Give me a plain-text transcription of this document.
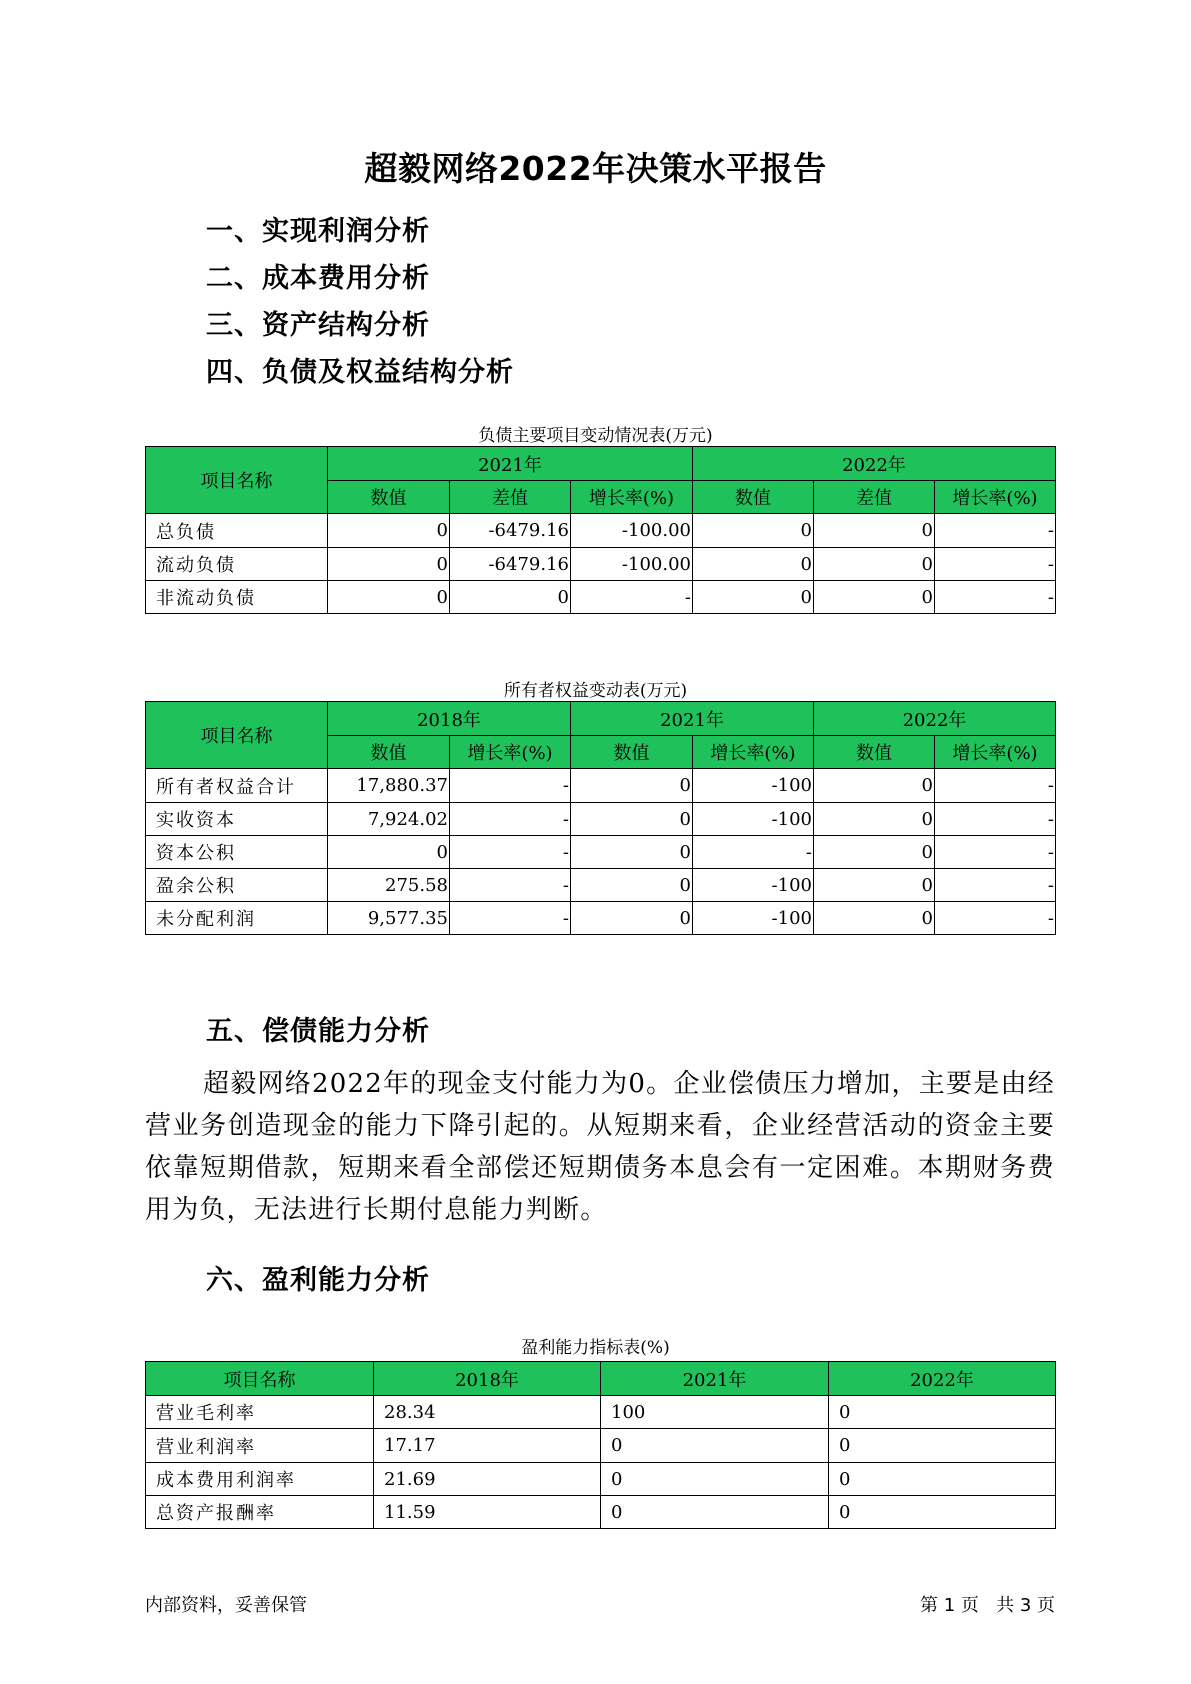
超毅网络2022年决策水平报告
一、实现利润分析
二、成本费用分析
三、资产结构分析
四、负债及权益结构分析
负债主要项目变动情况表(万元)
项目名称	2021年			2022年		
	数值	差值	增长率(%)	数值	差值	增长率(%)
总负债	0	-6479.16	-100.00	0	0	-
流动负债	0	-6479.16	-100.00	0	0	-
非流动负债	0	0	-	0	0	-
所有者权益变动表(万元)
项目名称	2018年		2021年		2022年	
	数值	增长率(%)	数值	增长率(%)	数值	增长率(%)
所有者权益合计	17,880.37	-	0	-100	0	-
实收资本	7,924.02	-	0	-100	0	-
资本公积	0	-	0	-	0	-
盈余公积	275.58	-	0	-100	0	-
未分配利润	9,577.35	-	0	-100	0	-
五、偿债能力分析
超毅网络2022年的现金支付能力为0。企业偿债压力增加，主要是由经营业务创造现金的能力下降引起的。从短期来看，企业经营活动的资金主要依靠短期借款，短期来看全部偿还短期债务本息会有一定困难。本期财务费用为负，无法进行长期付息能力判断。
六、盈利能力分析
盈利能力指标表(%)
项目名称	2018年	2021年	2022年
营业毛利率	28.34	100	0
营业利润率	17.17	0	0
成本费用利润率	21.69	0	0
总资产报酬率	11.59	0	0
内部资料，妥善保管	第 1 页   共 3 页
